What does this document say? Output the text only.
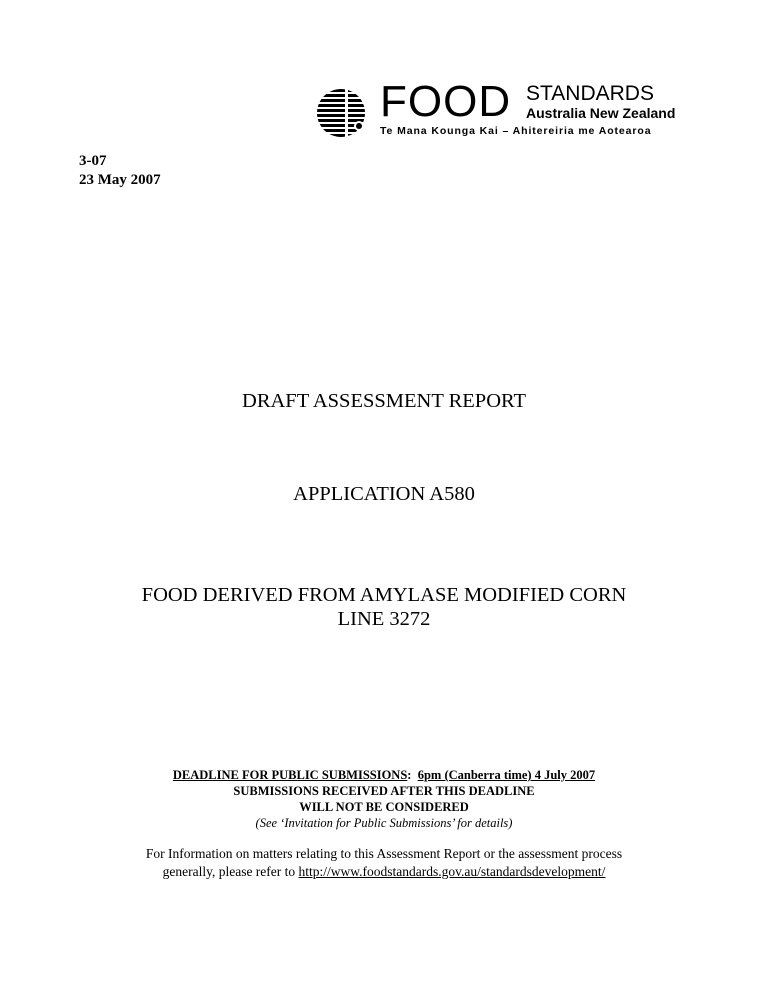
FOOD STANDARDS
Australia New Zealand
Te Mana Kounga Kai – Ahitereiria me Aotearoa
3-07
23 May 2007
DRAFT ASSESSMENT REPORT
APPLICATION A580
FOOD DERIVED FROM AMYLASE MODIFIED CORN
LINE 3272
DEADLINE FOR PUBLIC SUBMISSIONS: 6pm (Canberra time) 4 July 2007
SUBMISSIONS RECEIVED AFTER THIS DEADLINE
WILL NOT BE CONSIDERED
(See ‘Invitation for Public Submissions’ for details)
For Information on matters relating to this Assessment Report or the assessment process
generally, please refer to http://www.foodstandards.gov.au/standardsdevelopment/
